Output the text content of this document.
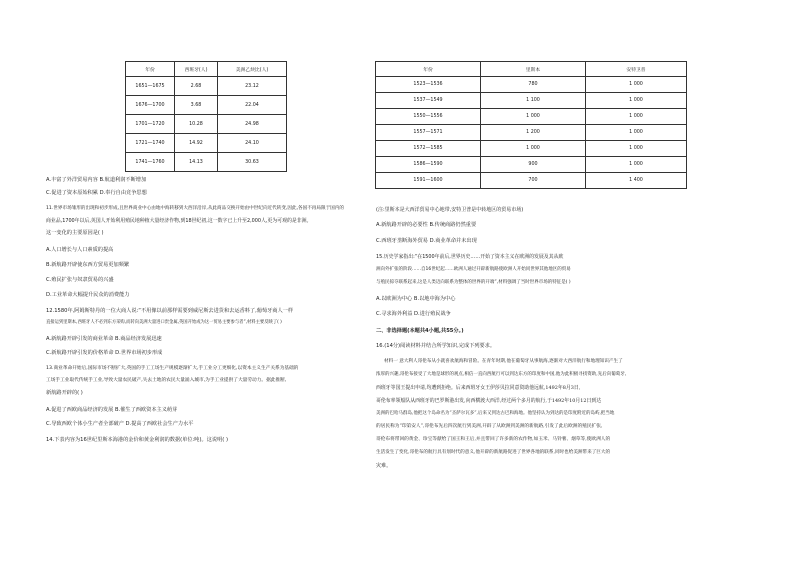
年份	西班牙(人)	美洲乙炔比(人)
1651—1675	2.68	23.12
1676—1700	3.68	22.04
1701—1720	10.28	24.98
1721—1740	14.92	24.10
1741—1760	14.13	30.63
A.丰富了外洋贸易内容 B.航道利润不断增加
C.促进了资本原始积累 D.奉行自由竞争思想
11.世界市场雏形的出现和初步形成,且世界商业中心由地中海转移到大西洋沿岸,从此商品交换开始由中世纪向近代转变,因此,各国不再局限于国内的
商业品,1700年以后,英国人开始利用殖民地种植大量经济作物,到18世纪初,这一数字已上升至2,000人,更为可观的是非洲。
这一变化的主要原因是( )
A.人口增长与人口素质的提高
B.新航路开辟使东西方贸易更加频繁
C.殖民扩张与奴隶贸易的兴盛
D.工业革命大幅提升民众的消费能力
12.1580年,阿姆斯特丹的一位大商人说:“不用像以前那样需要到威尼斯去进货和去运香料了,葡萄牙商人一样
直接运到里斯本,西班牙人不必到东方采购,而转向美洲大量进口贵金属,英国开始成为这一贸易主要参与者”,材料主要反映了( )
A.新航路开辟引发的商业革命 B.商品经济发展迅速
C.新航路开辟引发的价格革命 D.世界市场初步形成
13.商业革命开始后,国际市场不断扩大,英国的手工工场生产规模逐渐扩大,手工业分工更细化,以资本主义生产关系为基础的
工场手工业取代传统手工业,导致大量农民破产,失去土地的农民大量涌入城市,为手工业提供了大量劳动力。据此推断,
新航路开辟的( )
A.促进了西欧商品经济的发展 B.催生了西欧资本主义萌芽
C.导致西欧个体小生产者全部破产 D.提高了西欧社会生产力水平
14.下表内容为16世纪里斯本海港的金价和黄金利润的数据(单位:吨)。这说明( )
年份	里斯本	安特卫普
1523—1536	780	1 000
1537—1549	1 100	1 000
1550—1556	1 000	1 000
1557—1571	1 200	1 000
1572—1585	1 000	1 000
1586—1590	900	1 000
1591—1600	700	1 400
(注:里斯本是大西洋贸易中心地带,安特卫普是中转地区的贸易市场)
A.新航路开辟的必要性 B.传统商路仍然重要
C.西班牙垄断海外贸易 D.商业革命并未出现
15.历史学家指出:“在1500年前后,世界历史……开始了资本主义在欧洲的发展及其从欧
洲向外扩张的阶段……自16世纪起……欧洲人通过开辟新航路使欧洲人开始同世界其他地区的贸易
与殖民掠夺联系起来,这是人类迈向联系为整体的世界的开端”,材料强调了当时世界市场的特征是( )
A.以欧洲为中心 B.以地中海为中心
C.寻求海外利益 D.进行殖民战争
二、非选择题(本题共4小题,共55分。)
16.(14分)阅读材料并结合所学知识,完成下列要求。
材料一 意大利人哥伦布从小就喜欢航海和冒险。在青年时期,他在葡萄牙从事航海,逐渐对大西洋航行和地理知识产生了
浓厚的兴趣,哥伦布接受了大地是球形的观点,相信一直向西航行可以到达东方的印度和中国,他为此积极寻找资助,先后向葡萄牙、
西班牙等国王提出申请,均遭到拒绝。后来西班牙女王伊莎贝拉同意资助他远航,1492年8月3日,
哥伦布率领船队从西班牙的巴罗斯港出发,向西横渡大西洋,经过两个多月的航行,于1492年10月12日到达
美洲的巴哈马群岛,他把这个岛命名为“圣萨尔瓦多”,后来又到达古巴和海地。他坚持认为到达的是印度附近的岛屿,把当地
的居民称为“印第安人”,哥伦布先后四次航行到美洲,开辟了从欧洲到美洲的新航路,引发了此后欧洲的殖民扩张,
哥伦布将带回的黄金、珍宝等献给了国王和王后,并且带回了许多新的农作物,如玉米、马铃薯、烟草等,使欧洲人的
生活发生了变化,哥伦布的航行具有划时代的意义,他开辟的新航路促进了世界各地的联系,同时也给美洲带来了巨大的
灾难。
